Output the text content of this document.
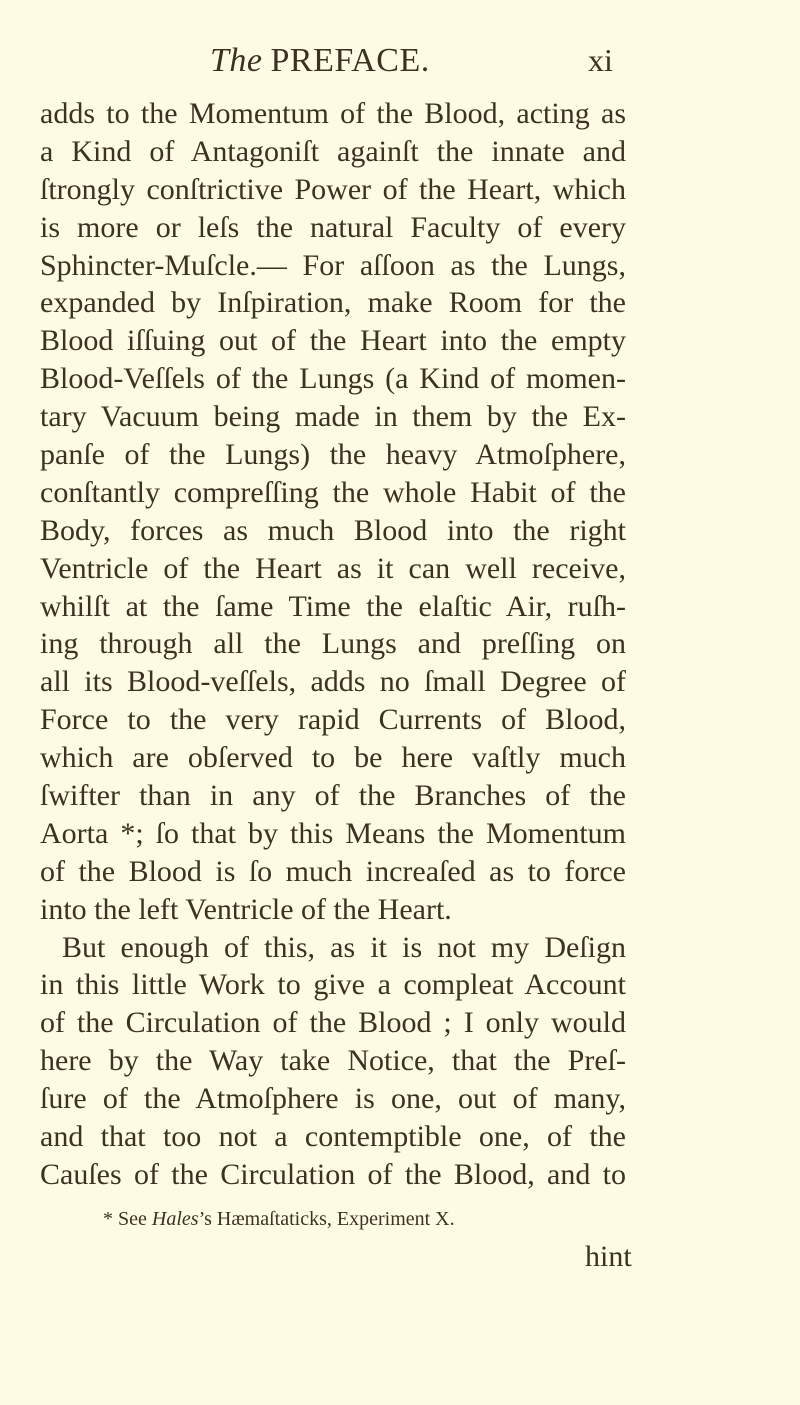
The PREFACE.	xi
adds to the Momentum of the Blood, acting as
a Kind of Antagoniſt againſt the innate and
ſtrongly conſtrictive Power of the Heart, which
is more or leſs the natural Faculty of every
Sphincter-Muſcle.— For aſſoon as the Lungs,
expanded by Inſpiration, make Room for the
Blood iſſuing out of the Heart into the empty
Blood-Veſſels of the Lungs (a Kind of momen-
tary Vacuum being made in them by the Ex-
panſe of the Lungs) the heavy Atmoſphere,
conſtantly compreſſing the whole Habit of the
Body, forces as much Blood into the right
Ventricle of the Heart as it can well receive,
whilſt at the ſame Time the elaſtic Air, ruſh-
ing through all the Lungs and preſſing on
all its Blood-veſſels, adds no ſmall Degree of
Force to the very rapid Currents of Blood,
which are obſerved to be here vaſtly much
ſwifter than in any of the Branches of the
Aorta *; ſo that by this Means the Momentum
of the Blood is ſo much increaſed as to force
into the left Ventricle of the Heart.
But enough of this, as it is not my Deſign
in this little Work to give a compleat Account
of the Circulation of the Blood ; I only would
here by the Way take Notice, that the Preſ-
ſure of the Atmoſphere is one, out of many,
and that too not a contemptible one, of the
Cauſes of the Circulation of the Blood, and to
* See Hales’s Hæmaſtaticks, Experiment X.
hint
